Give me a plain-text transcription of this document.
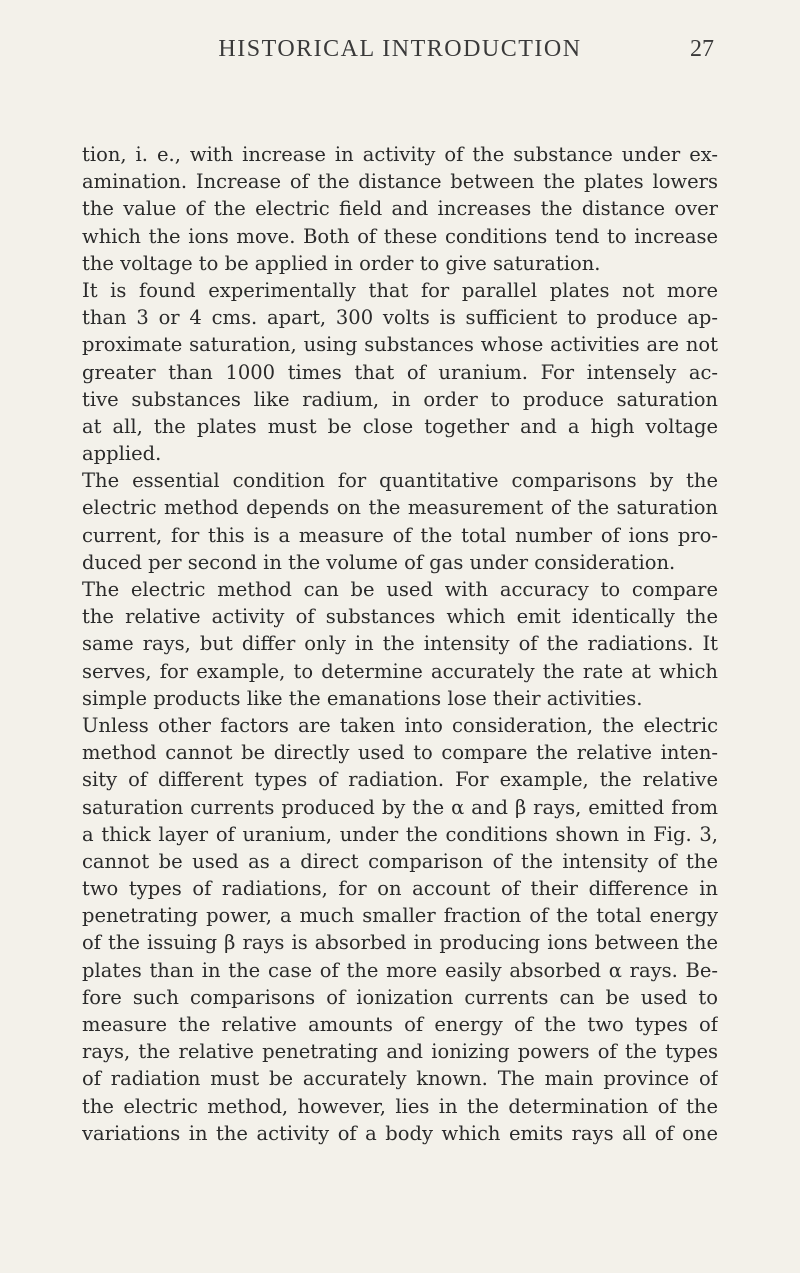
HISTORICAL INTRODUCTION	27
tion, i. e., with increase in activity of the substance under ex-
amination. Increase of the distance between the plates lowers
the value of the electric field and increases the distance over
which the ions move. Both of these conditions tend to increase
the voltage to be applied in order to give saturation.
It is found experimentally that for parallel plates not more
than 3 or 4 cms. apart, 300 volts is sufficient to produce ap-
proximate saturation, using substances whose activities are not
greater than 1000 times that of uranium. For intensely ac-
tive substances like radium, in order to produce saturation
at all, the plates must be close together and a high voltage
applied.
The essential condition for quantitative comparisons by the
electric method depends on the measurement of the saturation
current, for this is a measure of the total number of ions pro-
duced per second in the volume of gas under consideration.
The electric method can be used with accuracy to compare
the relative activity of substances which emit identically the
same rays, but differ only in the intensity of the radiations. It
serves, for example, to determine accurately the rate at which
simple products like the emanations lose their activities.
Unless other factors are taken into consideration, the electric
method cannot be directly used to compare the relative inten-
sity of different types of radiation. For example, the relative
saturation currents produced by the α and β rays, emitted from
a thick layer of uranium, under the conditions shown in Fig. 3,
cannot be used as a direct comparison of the intensity of the
two types of radiations, for on account of their difference in
penetrating power, a much smaller fraction of the total energy
of the issuing β rays is absorbed in producing ions between the
plates than in the case of the more easily absorbed α rays. Be-
fore such comparisons of ionization currents can be used to
measure the relative amounts of energy of the two types of
rays, the relative penetrating and ionizing powers of the types
of radiation must be accurately known. The main province of
the electric method, however, lies in the determination of the
variations in the activity of a body which emits rays all of one
